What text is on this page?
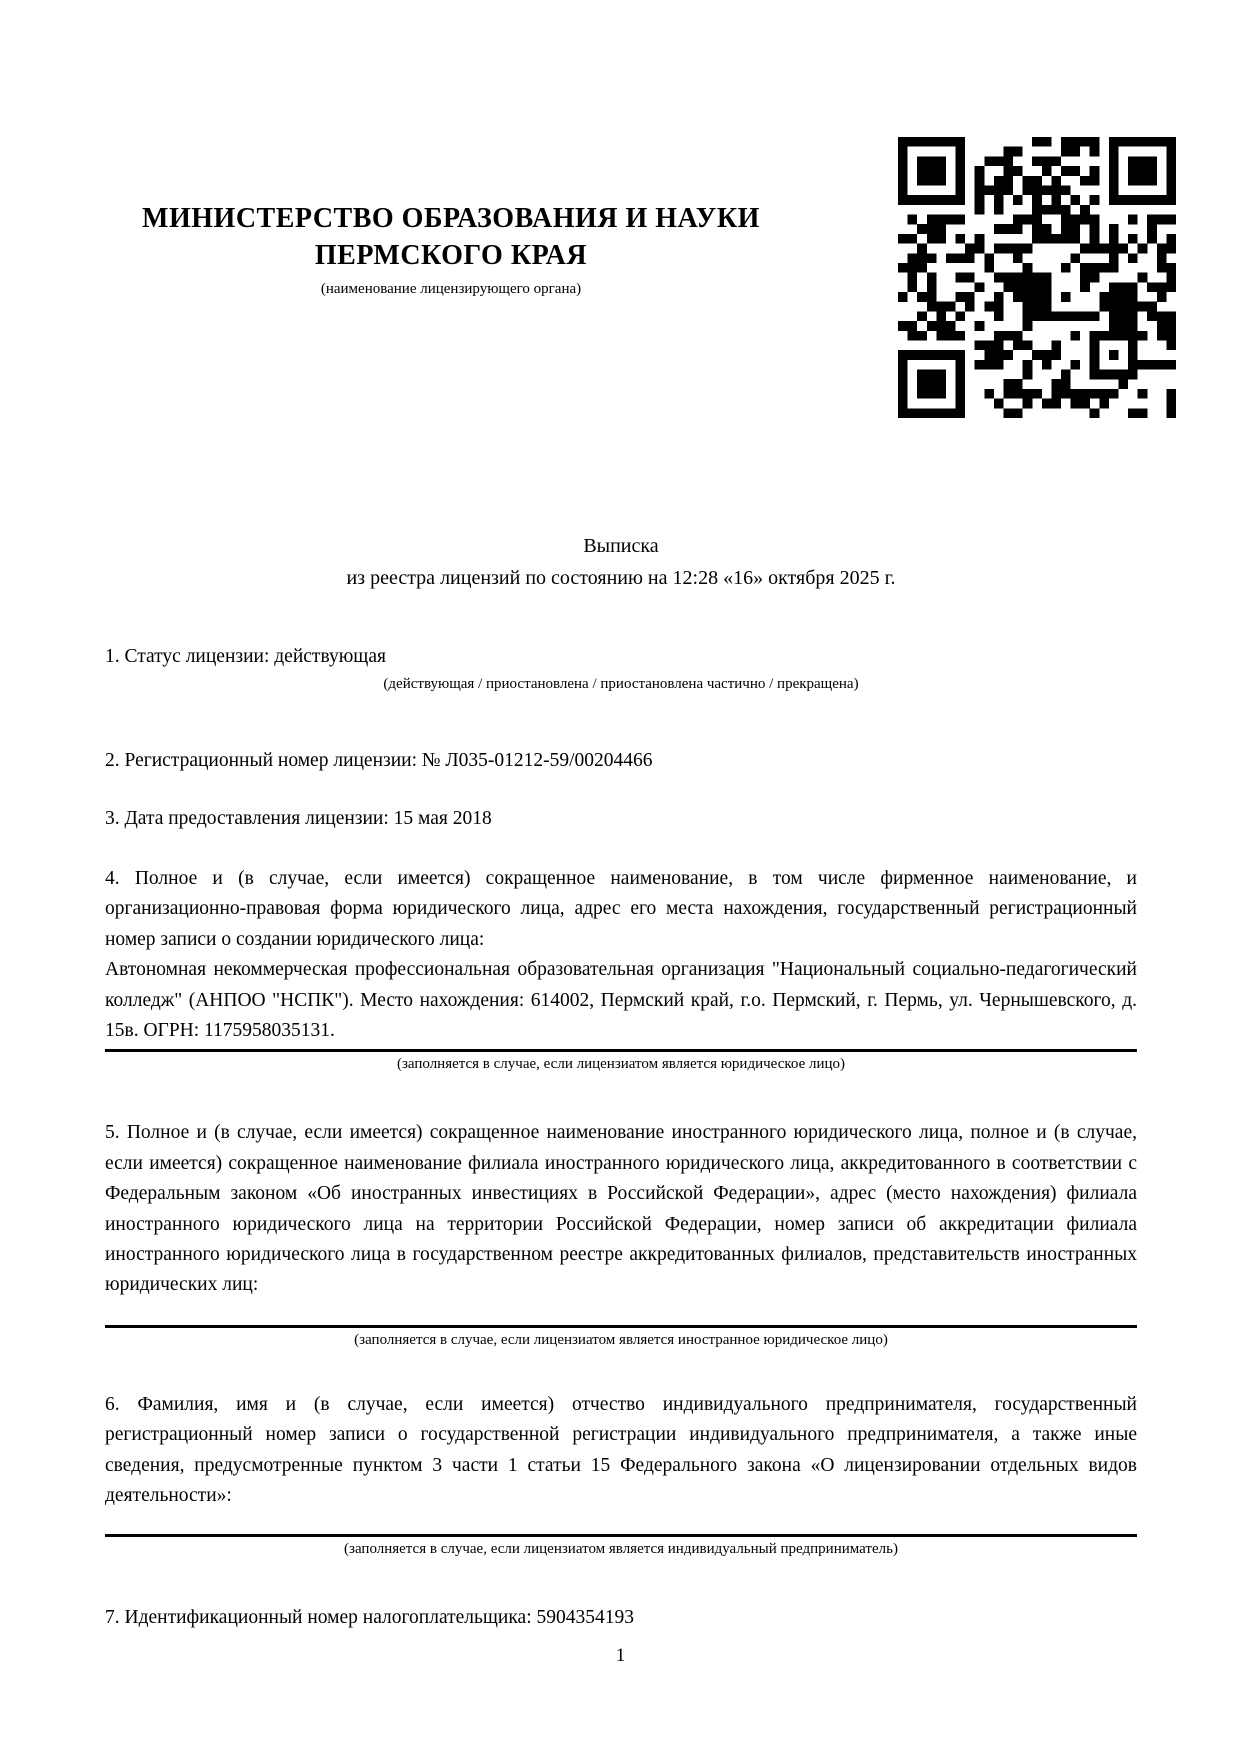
МИНИСТЕРСТВО ОБРАЗОВАНИЯ И НАУКИ
ПЕРМСКОГО КРАЯ
(наименование лицензирующего органа)
Выписка
из реестра лицензий по состоянию на 12:28 «16» октября 2025 г.
1. Статус лицензии: действующая
(действующая / приостановлена / приостановлена частично / прекращена)
2. Регистрационный номер лицензии: № Л035-01212-59/00204466
3. Дата предоставления лицензии: 15 мая 2018
4. Полное и (в случае, если имеется) сокращенное наименование, в том числе фирменное наименование, и организационно-правовая форма юридического лица, адрес его места нахождения, государственный регистрационный номер записи о создании юридического лица:
Автономная некоммерческая профессиональная образовательная организация "Национальный социально-педагогический колледж" (АНПОО "НСПК"). Место нахождения: 614002, Пермский край, г.о. Пермский, г. Пермь, ул. Чернышевского, д. 15в. ОГРН: 1175958035131.
(заполняется в случае, если лицензиатом является юридическое лицо)
5. Полное и (в случае, если имеется) сокращенное наименование иностранного юридического лица, полное и (в случае, если имеется) сокращенное наименование филиала иностранного юридического лица, аккредитованного в соответствии с Федеральным законом «Об иностранных инвестициях в Российской Федерации», адрес (место нахождения) филиала иностранного юридического лица на территории Российской Федерации, номер записи об аккредитации филиала иностранного юридического лица в государственном реестре аккредитованных филиалов, представительств иностранных юридических лиц:
(заполняется в случае, если лицензиатом является иностранное юридическое лицо)
6. Фамилия, имя и (в случае, если имеется) отчество индивидуального предпринимателя, государственный регистрационный номер записи о государственной регистрации индивидуального предпринимателя, а также иные сведения, предусмотренные пунктом 3 части 1 статьи 15 Федерального закона «О лицензировании отдельных видов деятельности»:
(заполняется в случае, если лицензиатом является индивидуальный предприниматель)
7. Идентификационный номер налогоплательщика: 5904354193
1
